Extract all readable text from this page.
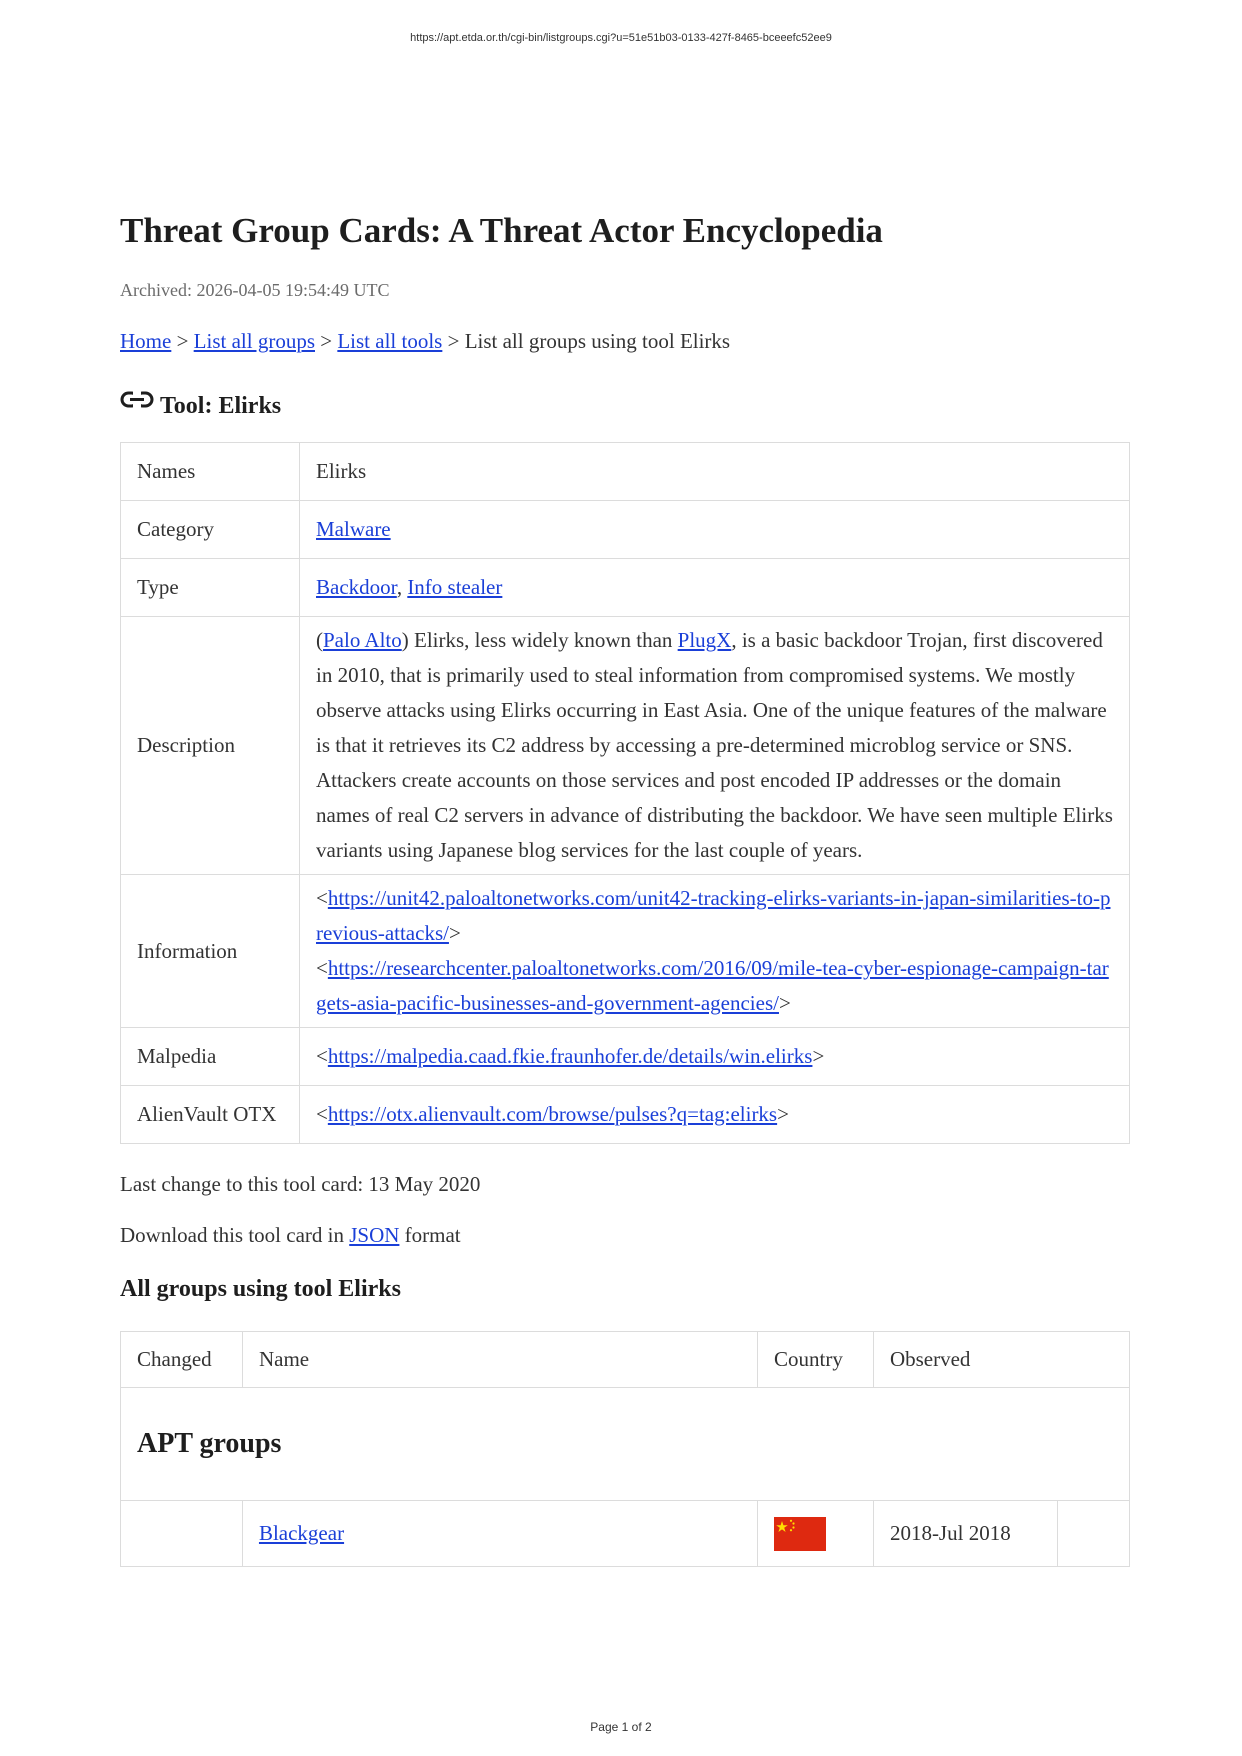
https://apt.etda.or.th/cgi-bin/listgroups.cgi?u=51e51b03-0133-427f-8465-bceeefc52ee9
Threat Group Cards: A Threat Actor Encyclopedia
Archived: 2026-04-05 19:54:49 UTC
Home > List all groups > List all tools > List all groups using tool Elirks
Tool: Elirks
Names	Elirks
Category	Malware
Type	Backdoor, Info stealer
Description	(Palo Alto) Elirks, less widely known than PlugX, is a basic backdoor Trojan, first discovered in 2010, that is primarily used to steal information from compromised systems. We mostly observe attacks using Elirks occurring in East Asia. One of the unique features of the malware is that it retrieves its C2 address by accessing a pre-determined microblog service or SNS. Attackers create accounts on those services and post encoded IP addresses or the domain names of real C2 servers in advance of distributing the backdoor. We have seen multiple Elirks variants using Japanese blog services for the last couple of years.
Information	<https://unit42.paloaltonetworks.com/unit42-tracking-elirks-variants-in-japan-similarities-to-previous-attacks/>
<https://researchcenter.paloaltonetworks.com/2016/09/mile-tea-cyber-espionage-campaign-targets-asia-pacific-businesses-and-government-agencies/>

Malpedia	<https://malpedia.caad.fkie.fraunhofer.de/details/win.elirks>
AlienVault OTX	<https://otx.alienvault.com/browse/pulses?q=tag:elirks>
Last change to this tool card: 13 May 2020
Download this tool card in JSON format
All groups using tool Elirks
Changed	Name	Country	Observed	
APT groups				
	Blackgear		2018-Jul 2018	
Page 1 of 2
